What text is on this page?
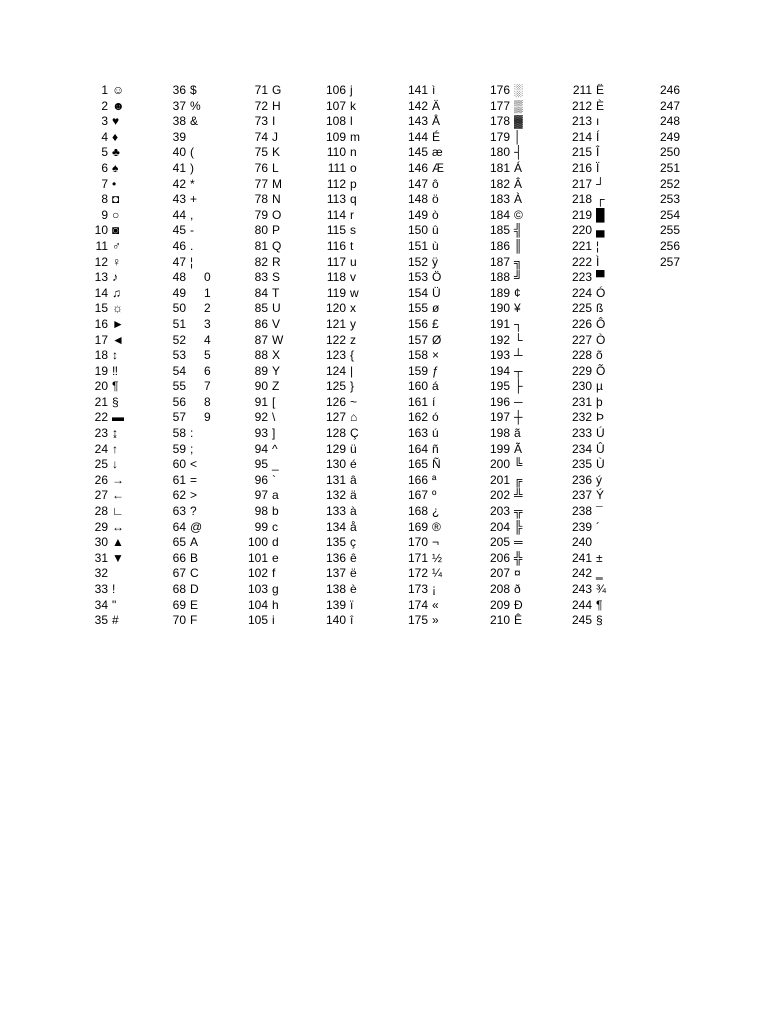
1 ☺
2 ☻
3 ♥
4 ♦
5 ♣
6 ♠
7 •
8 ◘
9 ○
10 ◙
11 ♂
12 ♀
13 ♪
14 ♫
15 ☼
16 ►
17 ◄
18 ↕
19 ‼
20 ¶
21 §
22 ▬
23 ↨
24 ↑
25 ↓
26 →
27 ←
28 ∟
29 ↔
30 ▲
31 ▼
32
33 !
34 "
35 #
36 $
37 %
38 &
39
40 (
41 )
42 *
43 +
44 ,
45 -
46 .
47 ¦
48 0
49 1
50 2
51 3
52 4
53 5
54 6
55 7
56 8
57 9
58 :
59 ;
60 <
61 =
62 >
63 ?
64 @
65 A
66 B
67 C
68 D
69 E
70 F
71 G
72 H
73 I
74 J
75 K
76 L
77 M
78 N
79 O
80 P
81 Q
82 R
83 S
84 T
85 U
86 V
87 W
88 X
89 Y
90 Z
91 [
92 \
93 ]
94 ^
95 _
96 `
97 a
98 b
99 c
100 d
101 e
102 f
103 g
104 h
105 i
106 j
107 k
108 l
109 m
110 n
111 o
112 p
113 q
114 r
115 s
116 t
117 u
118 v
119 w
120 x
121 y
122 z
123 {
124 |
125 }
126 ~
127 ⌂
128 Ç
129 ü
130 é
131 â
132 ä
133 à
134 å
135 ç
136 ê
137 ë
138 è
139 ï
140 î
141 ì
142 Ä
143 Å
144 É
145 æ
146 Æ
147 ô
148 ö
149 ò
150 û
151 ù
152 ÿ
153 Ö
154 Ü
155 ø
156 £
157 Ø
158 ×
159 ƒ
160 á
161 í
162 ó
163 ú
164 ñ
165 Ñ
166 ª
167 º
168 ¿
169 ®
170 ¬
171 ½
172 ¼
173 ¡
174 «
175 »
176 ░
177 ▒
178 ▓
179 │
180 ┤
181 Á
182 Â
183 À
184 ©
185 ╣
186 ║
187 ╗
188 ╝
189 ¢
190 ¥
191 ┐
192 └
193 ┴
194 ┬
195 ├
196 ─
197 ┼
198 ã
199 Ã
200 ╚
201 ╔
202 ╩
203 ╦
204 ╠
205 ═
206 ╬
207 ¤
208 ð
209 Ð
210 Ê
211 Ë
212 È
213 ı
214 Í
215 Î
216 Ï
217 ┘
218 ┌
219 █
220 ▄
221 ¦
222 Ì
223 ▀
224 Ó
225 ß
226 Ô
227 Ò
228 õ
229 Õ
230 µ
231 þ
232 Þ
233 Ú
234 Û
235 Ù
236 ý
237 Ý
238 ¯
239 ´
240
241 ±
242 ‗
243 ¾
244 ¶
245 §
246
247
248
249
250
251
252
253
254
255
256
257
